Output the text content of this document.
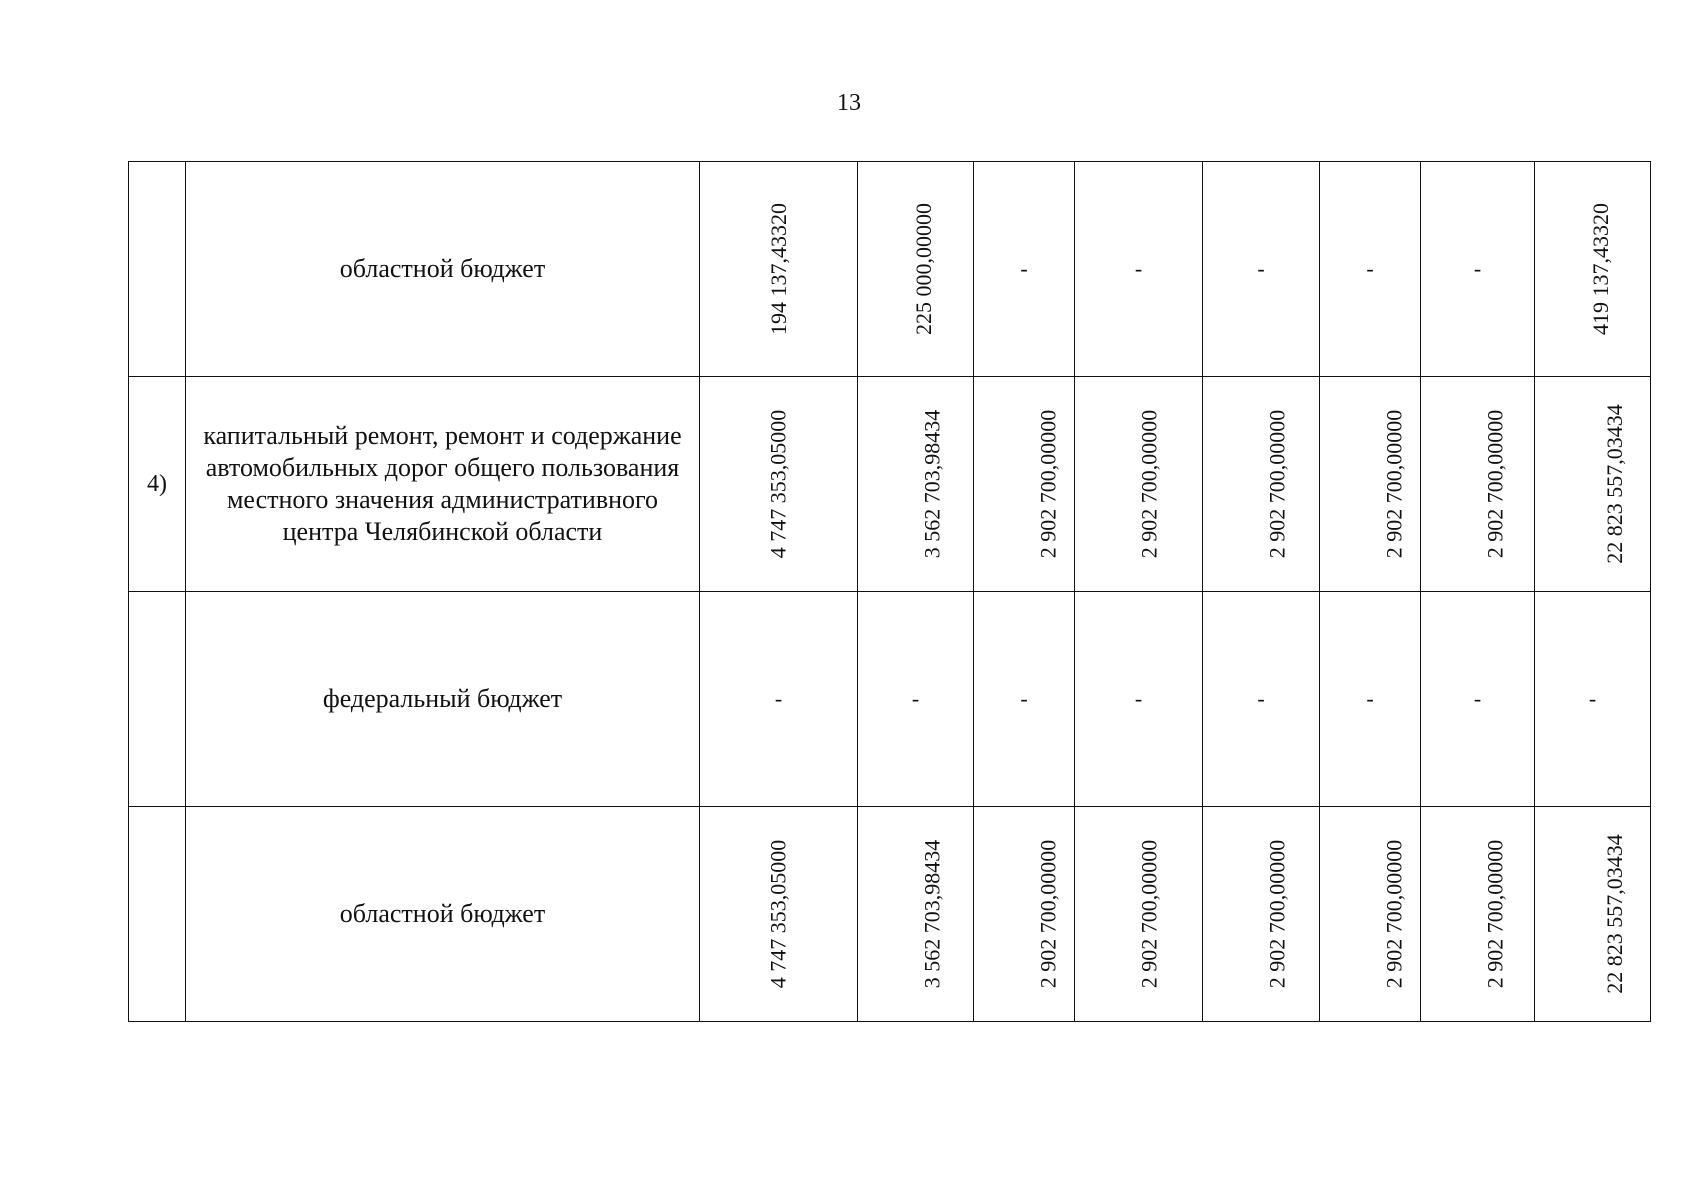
13
	областной бюджет	194 137,43320	225 000,00000	-	-	-	-	-	419 137,43320
4)	капитальный ремонт, ремонт и содержание автомобильных дорог общего пользования местного значения административного центра Челябинской области	4 747 353,05000	3 562 703,98434	2 902 700,00000	2 902 700,00000	2 902 700,00000	2 902 700,00000	2 902 700,00000	22 823 557,03434
	федеральный бюджет	-	-	-	-	-	-	-	-
	областной бюджет	4 747 353,05000	3 562 703,98434	2 902 700,00000	2 902 700,00000	2 902 700,00000	2 902 700,00000	2 902 700,00000	22 823 557,03434
